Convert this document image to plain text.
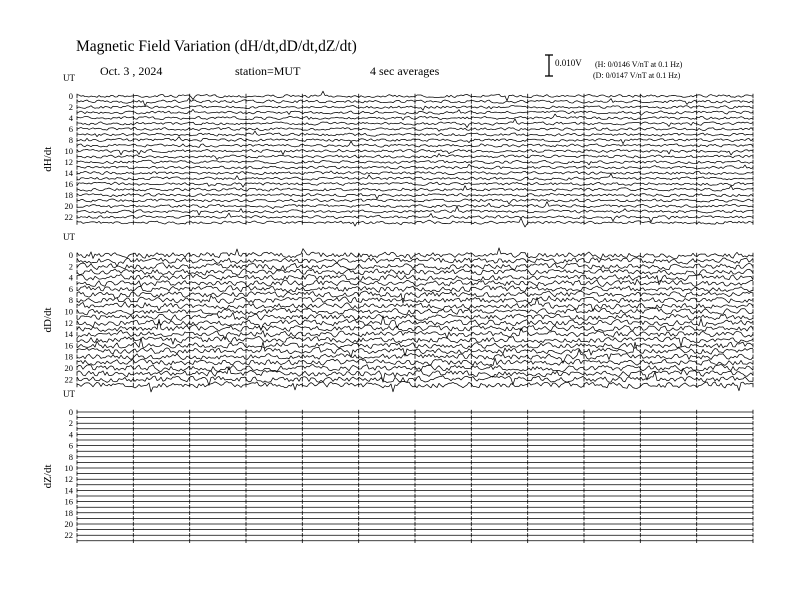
Magnetic Field Variation (dH/dt,dD/dt,dZ/dt)
Oct. 3 , 2024	station=MUT	4 sec averages
0.010V (H: 0/0146 V/nT at 0.1 Hz)
(D: 0/0147 V/nT at 0.1 Hz)
UT
dH/dt
0
2
4
6
8
10
12
14
16
18
20
22
UT
dD/dt
0
2
4
6
8
10
12
14
16
18
20
22
UT
dZ/dt
0
2
4
6
8
10
12
14
16
18
20
22
